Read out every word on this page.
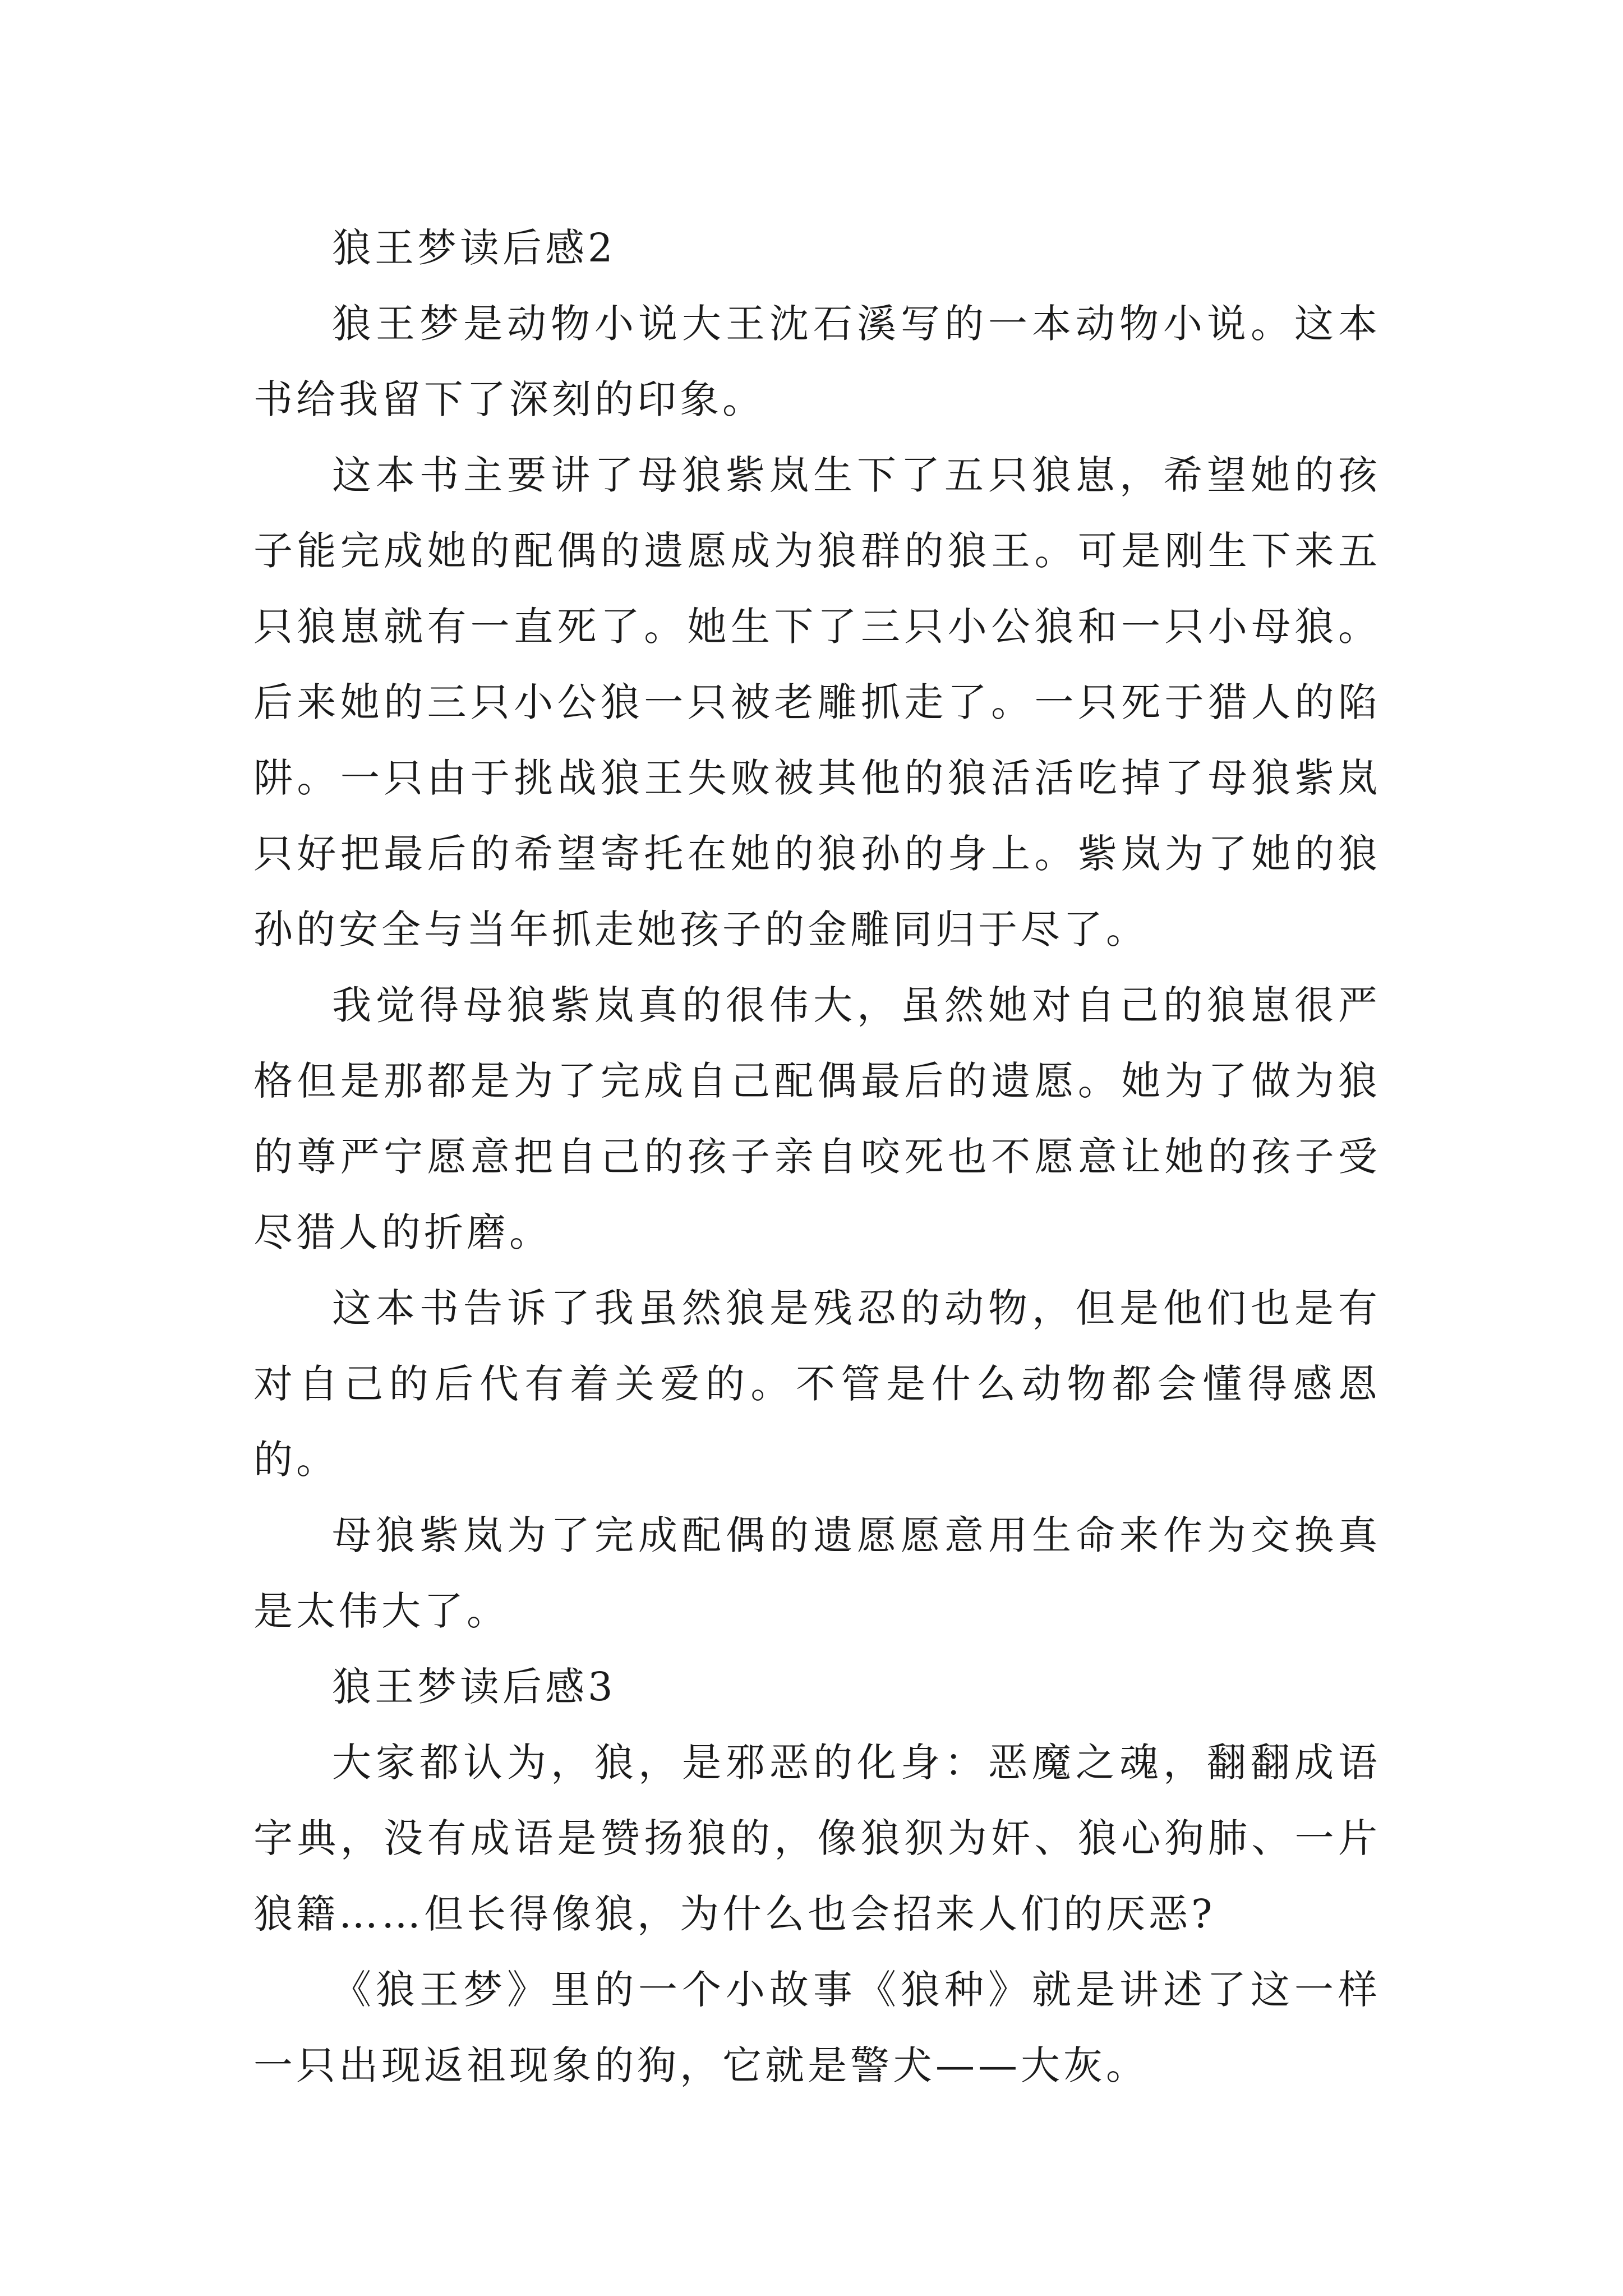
狼王梦读后感2

狼王梦是动物小说大王沈石溪写的一本动物小说。这本书给我留下了深刻的印象。

这本书主要讲了母狼紫岚生下了五只狼崽，希望她的孩子能完成她的配偶的遗愿成为狼群的狼王。可是刚生下来五只狼崽就有一直死了。她生下了三只小公狼和一只小母狼。后来她的三只小公狼一只被老雕抓走了。一只死于猎人的陷阱。一只由于挑战狼王失败被其他的狼活活吃掉了母狼紫岚只好把最后的希望寄托在她的狼孙的身上。紫岚为了她的狼孙的安全与当年抓走她孩子的金雕同归于尽了。

我觉得母狼紫岚真的很伟大，虽然她对自己的狼崽很严格但是那都是为了完成自己配偶最后的遗愿。她为了做为狼的尊严宁愿意把自己的孩子亲自咬死也不愿意让她的孩子受尽猎人的折磨。

这本书告诉了我虽然狼是残忍的动物，但是他们也是有对自己的后代有着关爱的。不管是什么动物都会懂得感恩的。

母狼紫岚为了完成配偶的遗愿愿意用生命来作为交换真是太伟大了。

狼王梦读后感3

大家都认为，狼，是邪恶的化身：恶魔之魂，翻翻成语字典，没有成语是赞扬狼的，像狼狈为奸、狼心狗肺、一片狼籍……但长得像狼，为什么也会招来人们的厌恶?

《狼王梦》里的一个小故事《狼种》就是讲述了这一样一只出现返祖现象的狗，它就是警犬——大灰。
